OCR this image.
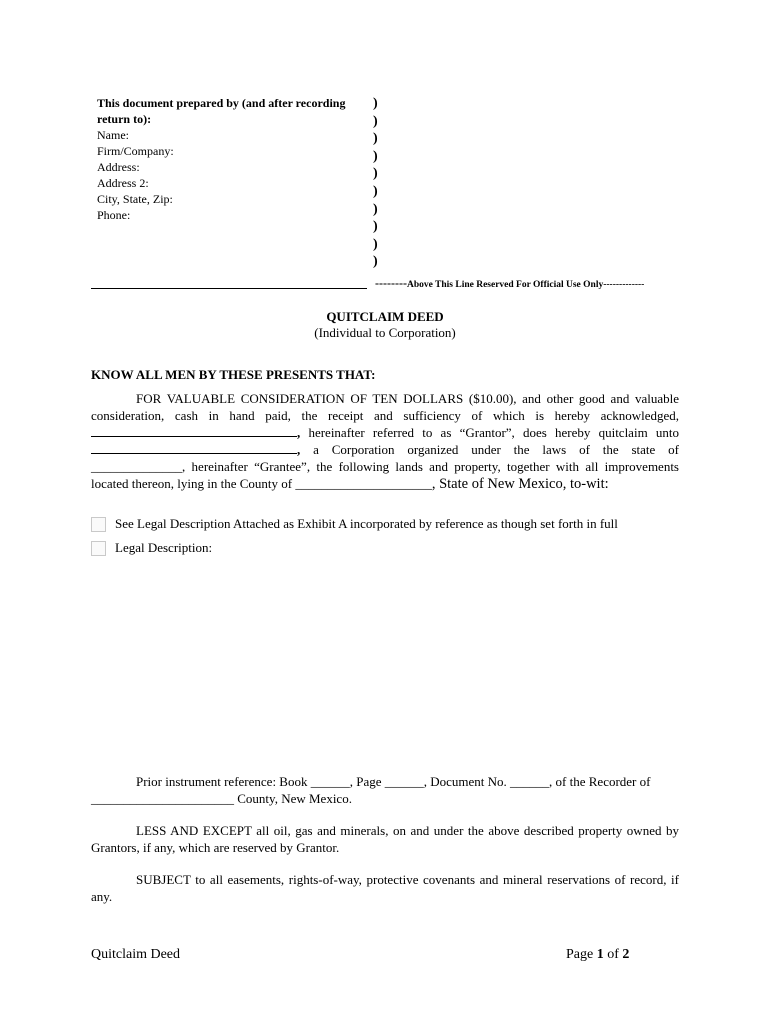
This document prepared by (and after recording
return to):
Name:
Firm/Company:
Address:
Address 2:
City, State, Zip:
Phone:
)
)
)
)
)
)
)
)
)
)
--------Above This Line Reserved For Official Use Only-------------
QUITCLAIM DEED
(Individual to Corporation)
KNOW ALL MEN BY THESE PRESENTS THAT:
FOR VALUABLE CONSIDERATION OF TEN DOLLARS ($10.00), and other good and valuable consideration, cash in hand paid, the receipt and sufficiency of which is hereby acknowledged, , hereinafter referred to as “Grantor”, does hereby quitclaim unto , a Corporation organized under the laws of the state of ______________, hereinafter “Grantee”, the following lands and property, together with all improvements located thereon, lying in the County of _____________________, State of New Mexico, to-wit:
See Legal Description Attached as Exhibit A incorporated by reference as though set forth in full
Legal Description:
Prior instrument reference: Book ______, Page ______, Document No. ______, of the Recorder of
______________________ County, New Mexico.
LESS AND EXCEPT all oil, gas and minerals, on and under the above described property owned by Grantors, if any, which are reserved by Grantor.
SUBJECT to all easements, rights-of-way, protective covenants and mineral reservations of record, if any.
Quitclaim Deed	Page 1 of 2
